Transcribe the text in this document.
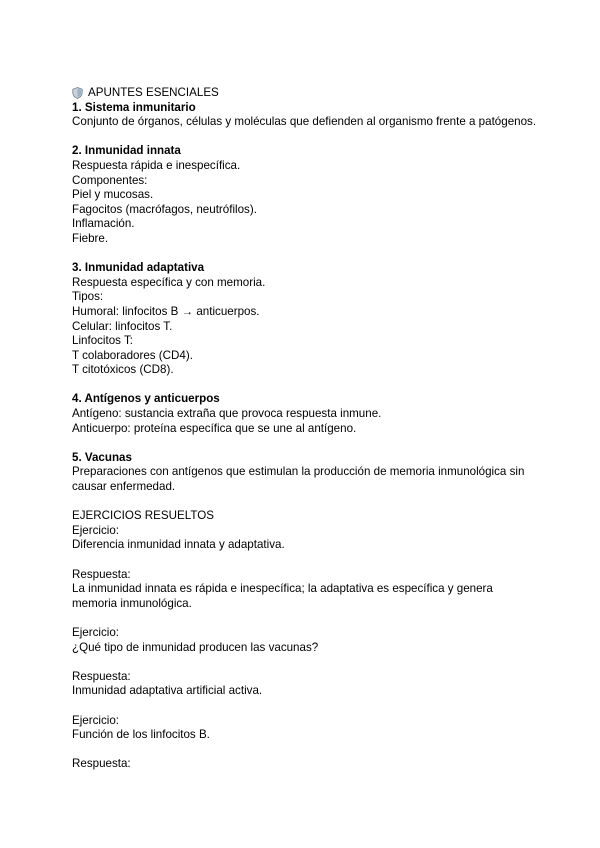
APUNTES ESENCIALES
1. Sistema inmunitario
Conjunto de órganos, células y moléculas que defienden al organismo frente a patógenos.
2. Inmunidad innata
Respuesta rápida e inespecífica.
Componentes:
Piel y mucosas.
Fagocitos (macrófagos, neutrófilos).
Inflamación.
Fiebre.
3. Inmunidad adaptativa
Respuesta específica y con memoria.
Tipos:
Humoral: linfocitos B → anticuerpos.
Celular: linfocitos T.
Linfocitos T:
T colaboradores (CD4).
T citotóxicos (CD8).
4. Antígenos y anticuerpos
Antígeno: sustancia extraña que provoca respuesta inmune.
Anticuerpo: proteína específica que se une al antígeno.
5. Vacunas
Preparaciones con antígenos que estimulan la producción de memoria inmunológica sin causar enfermedad.
EJERCICIOS RESUELTOS
Ejercicio:
Diferencia inmunidad innata y adaptativa.
Respuesta:
La inmunidad innata es rápida e inespecífica; la adaptativa es específica y genera memoria inmunológica.
Ejercicio:
¿Qué tipo de inmunidad producen las vacunas?
Respuesta:
Inmunidad adaptativa artificial activa.
Ejercicio:
Función de los linfocitos B.
Respuesta:
